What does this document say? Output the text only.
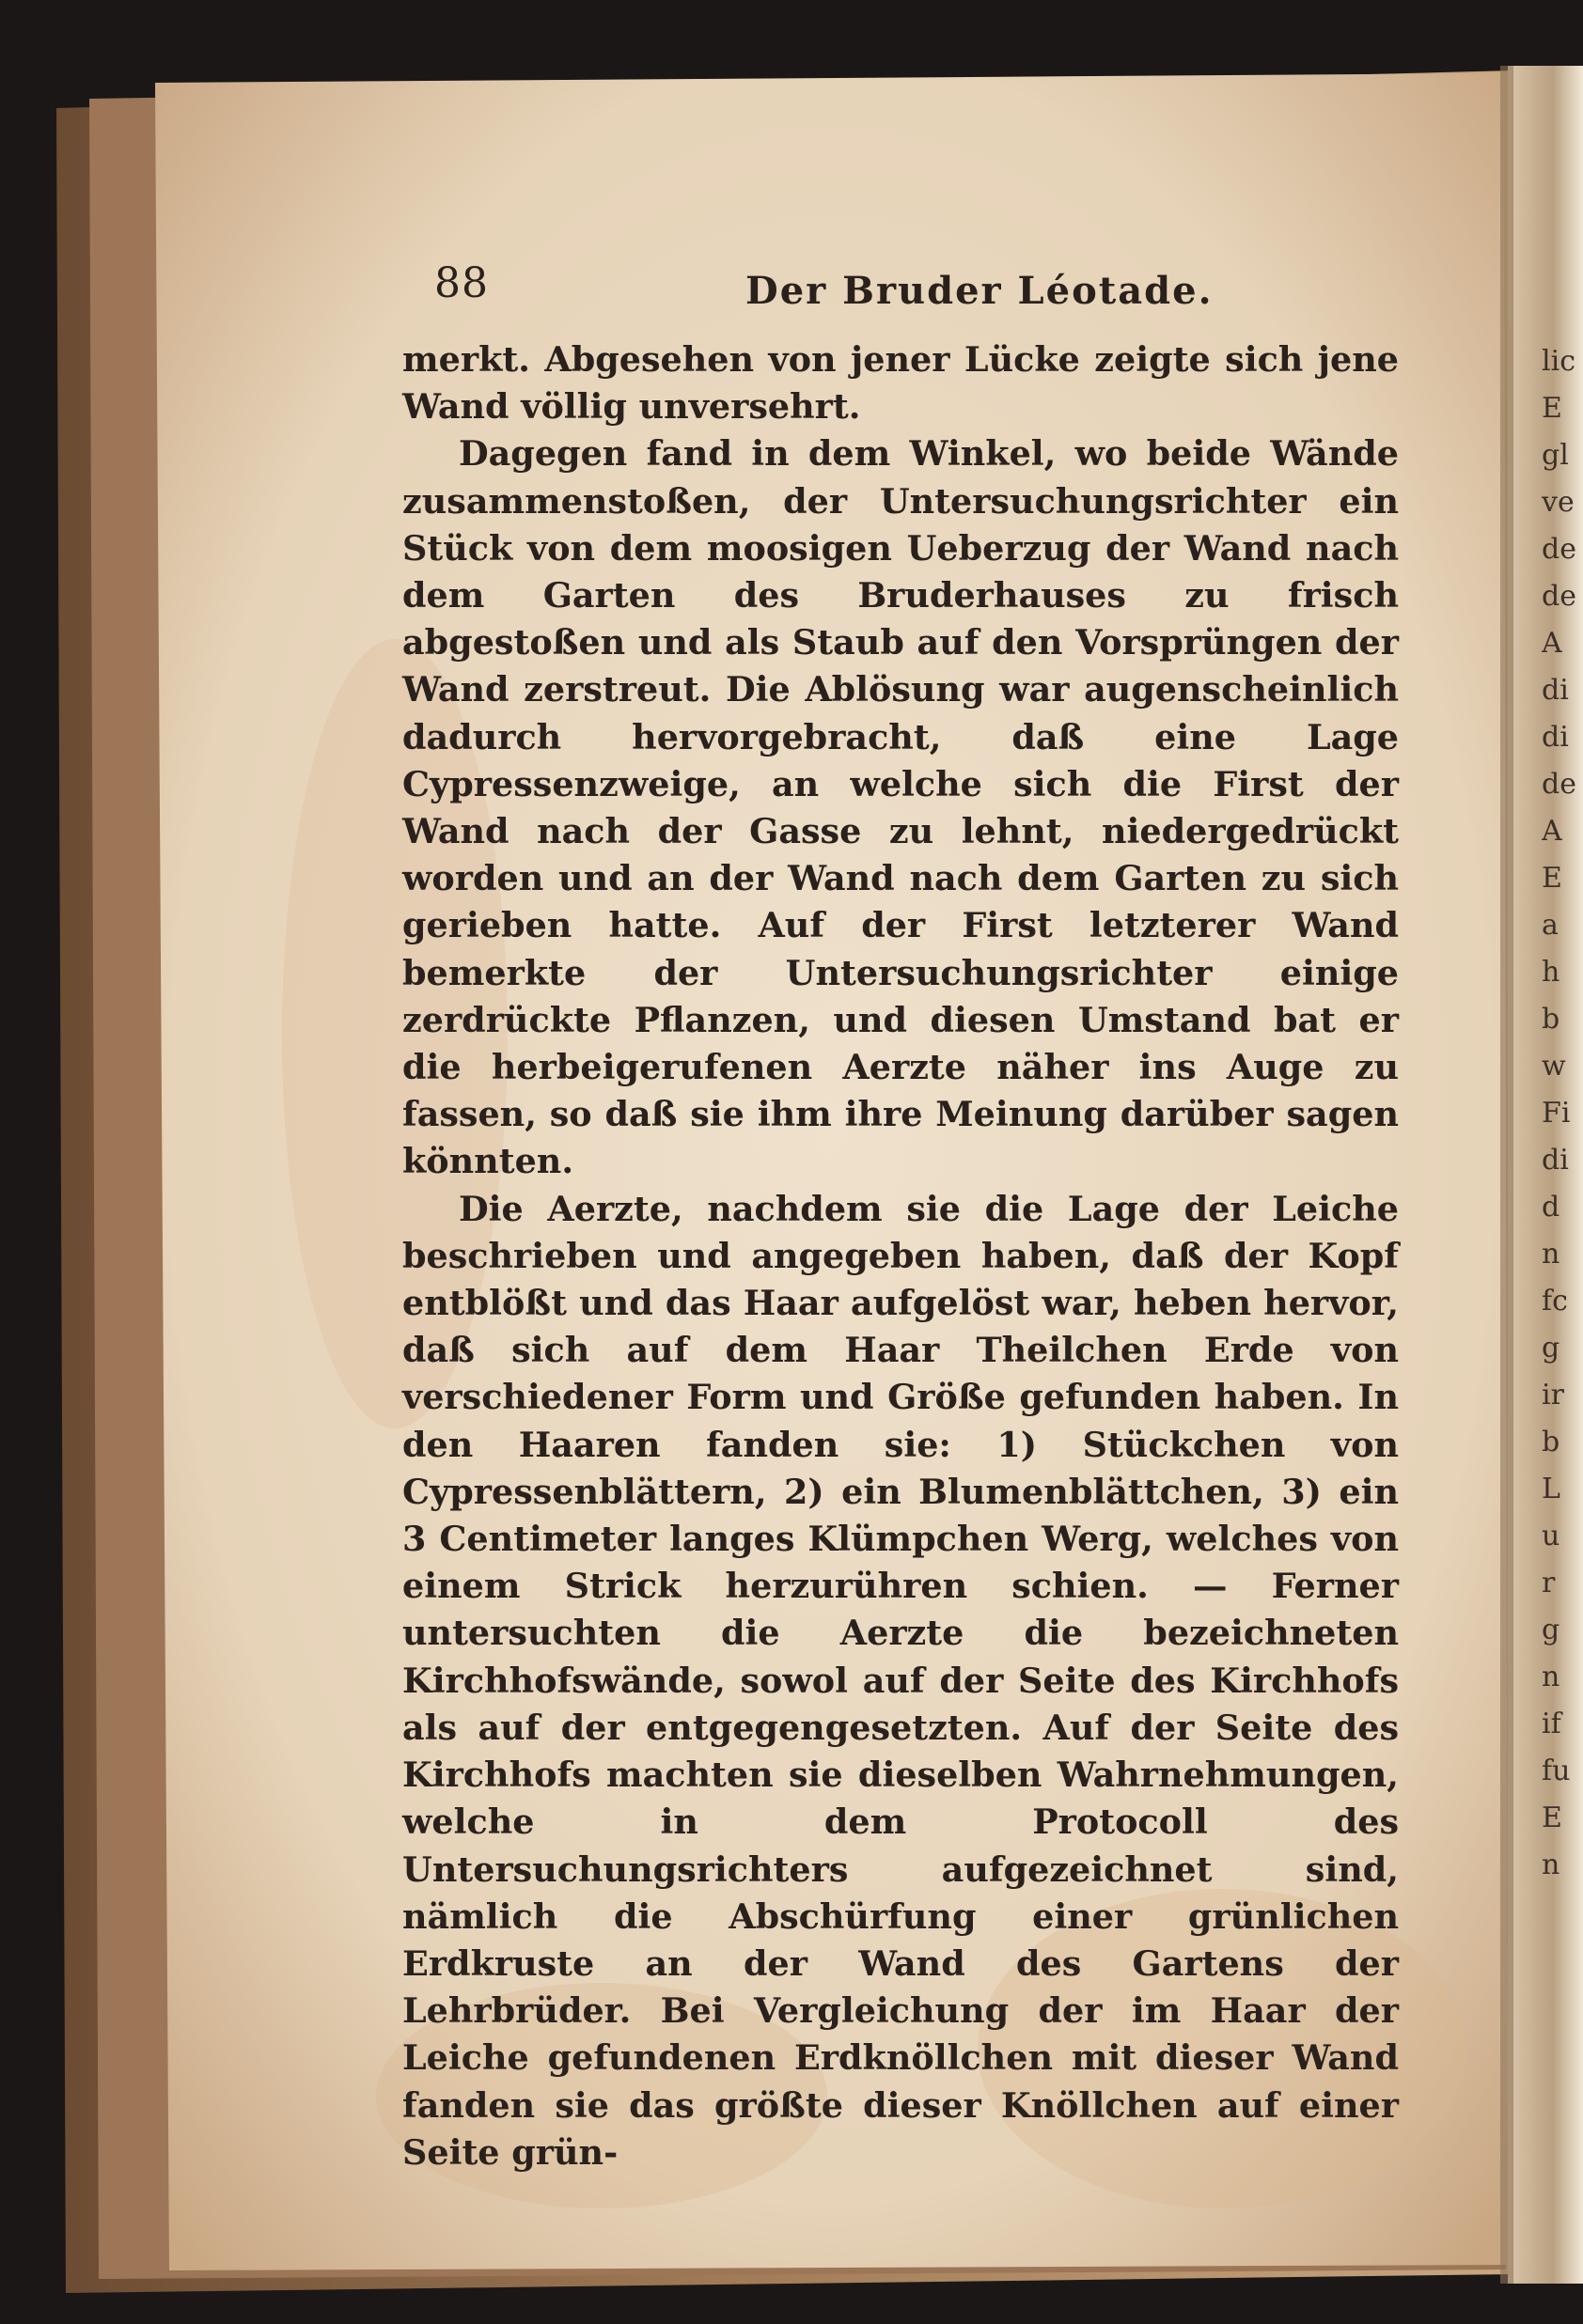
88	Der Bruder Léotade.

merkt. Abgesehen von jener Lücke zeigte sich jene Wand völlig unversehrt.

Dagegen fand in dem Winkel, wo beide Wände zusammenstoßen, der Untersuchungsrichter ein Stück von dem moosigen Ueberzug der Wand nach dem Garten des Bruderhauses zu frisch abgestoßen und als Staub auf den Vorsprüngen der Wand zerstreut. Die Ablösung war augenscheinlich dadurch hervorgebracht, daß eine Lage Cypressenzweige, an welche sich die First der Wand nach der Gasse zu lehnt, niedergedrückt worden und an der Wand nach dem Garten zu sich gerieben hatte. Auf der First letzterer Wand bemerkte der Untersuchungsrichter einige zerdrückte Pflanzen, und diesen Umstand bat er die herbeigerufenen Aerzte näher ins Auge zu fassen, so daß sie ihm ihre Meinung darüber sagen könnten.

Die Aerzte, nachdem sie die Lage der Leiche beschrieben und angegeben haben, daß der Kopf entblößt und das Haar aufgelöst war, heben hervor, daß sich auf dem Haar Theilchen Erde von verschiedener Form und Größe gefunden haben. In den Haaren fanden sie: 1) Stückchen von Cypressenblättern, 2) ein Blumenblättchen, 3) ein 3 Centimeter langes Klümpchen Werg, welches von einem Strick herzurühren schien. — Ferner untersuchten die Aerzte die bezeichneten Kirchhofswände, sowol auf der Seite des Kirchhofs als auf der entgegengesetzten. Auf der Seite des Kirchhofs machten sie dieselben Wahrnehmungen, welche in dem Protocoll des Untersuchungsrichters aufgezeichnet sind, nämlich die Abschürfung einer grünlichen Erdkruste an der Wand des Gartens der Lehrbrüder. Bei Vergleichung der im Haar der Leiche gefundenen Erdknöllchen mit dieser Wand fanden sie das größte dieser Knöllchen auf einer Seite grün-

lic
E
gl
ve
de
de
A
di
di
de
A
E
a
h
b
w
Fi
di
d
n
fc
g
ir
b
L
u
r
g
n
if
fu
E
n
